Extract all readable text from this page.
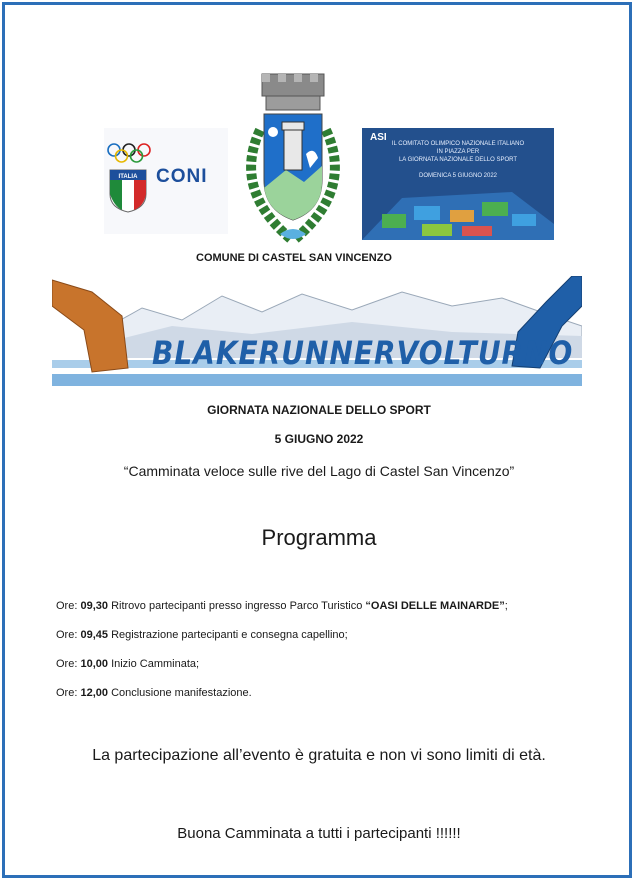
ITALIA CONI
ASI
IL COMITATO OLIMPICO NAZIONALE ITALIANO
IN PIAZZA PER
LA GIORNATA NAZIONALE DELLO SPORT
DOMENICA 5 GIUGNO 2022
COMUNE DI CASTEL SAN VINCENZO
BLAKERUNNERVOLTURNO
GIORNATA NAZIONALE DELLO SPORT
5 GIUGNO 2022
“Camminata veloce sulle rive del Lago di Castel San Vincenzo”
Programma
Ore: 09,30 Ritrovo partecipanti presso ingresso Parco Turistico “OASI DELLE MAINARDE”;
Ore: 09,45 Registrazione partecipanti e consegna capellino;
Ore: 10,00 Inizio Camminata;
Ore: 12,00 Conclusione manifestazione.
La partecipazione all’evento è gratuita e non vi sono limiti di età.
Buona Camminata a tutti i partecipanti !!!!!!
